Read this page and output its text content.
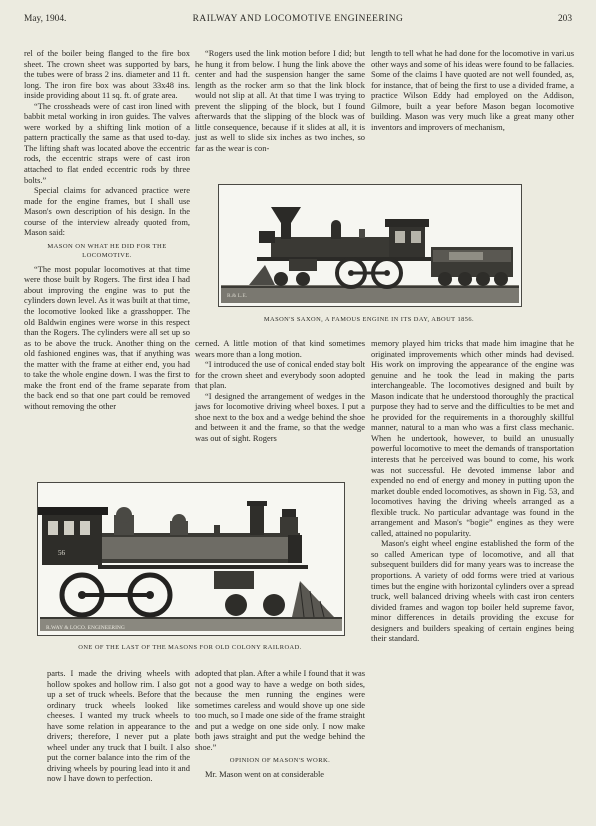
May, 1904.	RAILWAY AND LOCOMOTIVE ENGINEERING	203

rel of the boiler being flanged to the fire box sheet. The crown sheet was supported by bars, the tubes were of brass 2 ins. diameter and 11 ft. long. The iron fire box was about 33x48 ins. inside providing about 11 sq. ft. of grate area.

“The crossheads were of cast iron lined with babbit metal working in iron guides. The valves were worked by a shifting link motion of a pattern practically the same as that used to-day. The lifting shaft was located above the eccentric rods, the eccentric straps were of cast iron attached to flat ended eccentric rods by three bolts.”

Special claims for advanced practice were made for the engine frames, but I shall use Mason's own description of his design. In the course of the interview already quoted from, Mason said:

MASON ON WHAT HE DID FOR THE LOCOMOTIVE.

“The most popular locomotives at that time were those built by Rogers. The first idea I had about improving the engine was to put the cylinders down level. As it was built at that time, the locomotive looked like a grasshopper. The old Baldwin engines were worse in this respect than the Rogers. The cylinders were all set up so as to be above the truck. Another thing on the old fashioned engines was, that if anything was the matter with the frame at either end, you had to take the whole engine down. I was the first to make the front end of the frame separate from the back end so that one part could be removed without removing the other

“Rogers used the link motion before I did; but he hung it from below. I hung the link above the center and had the suspension hanger the same length as the rocker arm so that the link block would not slip at all. At that time I was trying to prevent the slipping of the block, but I found afterwards that the slipping of the block was of little consequence, because if it slides at all, it is just as well to slide six inches as two inches, so far as the wear is con-

length to tell what he had done for the locomotive in vari.us other ways and some of his ideas were found to be fallacies. Some of the claims I have quoted are not well founded, as, for instance, that of being the first to use a divided frame, a practice Wilson Eddy had employed on the Addison, Gilmore, built a year before Mason began locomotive building. Mason was very much like a great many other inventors and improvers of mechanism,

R.& L.E.
MASON'S SAXON, A FAMOUS ENGINE IN ITS DAY, ABOUT 1856.

cerned. A little motion of that kind sometimes wears more than a long motion.

“I introduced the use of conical ended stay bolt for the crown sheet and everybody soon adopted that plan.

“I designed the arrangement of wedges in the jaws for locomotive driving wheel boxes. I put a shoe next to the box and a wedge behind the shoe and between it and the frame, so that the wedge was out of sight. Rogers

memory played him tricks that made him imagine that he originated improvements which other minds had devised. His work on improving the appearance of the engine was genuine and he took the lead in making the parts interchangeable. The locomotives designed and built by Mason indicate that he understood thoroughly the practical purpose they had to serve and the difficulties to be met and he provided for the requirements in a thoroughly skillful manner, natural to a man who was a first class mechanic. When he undertook, however, to build an unusually powerful locomotive to meet the demands of transportation interests that he perceived was bound to come, his work was not successful. He devoted immense labor and expended no end of energy and money in putting upon the market double ended locomotives, as shown in Fig. 53, and locomotives having the driving wheels arranged as a flexible truck. No particular advantage was found in the arrangement and Mason's “bogie” engines as they were called, attained no popularity.

Mason's eight wheel engine established the form of the so called American type of locomotive, and all that subsequent builders did for many years was to increase the proportions. A variety of odd forms were tried at various times but the engine with horizontal cylinders over a spread truck, well balanced driving wheels with cast iron centers divided frames and wagon top boiler held supreme favor, minor differences in details providing the excuse for designers and builders speaking of certain engines being their standard.

56
R.WAY & LOCO. ENGINEERING
ONE OF THE LAST OF THE MASONS FOR OLD COLONY RAILROAD.

parts. I made the driving wheels with hollow spokes and hollow rim. I also got up a set of truck wheels. Before that the ordinary truck wheels looked like cheeses. I wanted my truck wheels to have some relation in appearance to the drivers; therefore, I never put a plate wheel under any truck that I built. I also put the corner balance into the rim of the driving wheels by pouring lead into it and now I have down to perfection.

adopted that plan. After a while I found that it was not a good way to have a wedge on both sides, because the men running the engines were sometimes careless and would shove up one side too much, so I made one side of the frame straight and put a wedge on one side only. I now make both jaws straight and put the wedge behind the shoe.”

OPINION OF MASON'S WORK.

Mr. Mason went on at considerable
